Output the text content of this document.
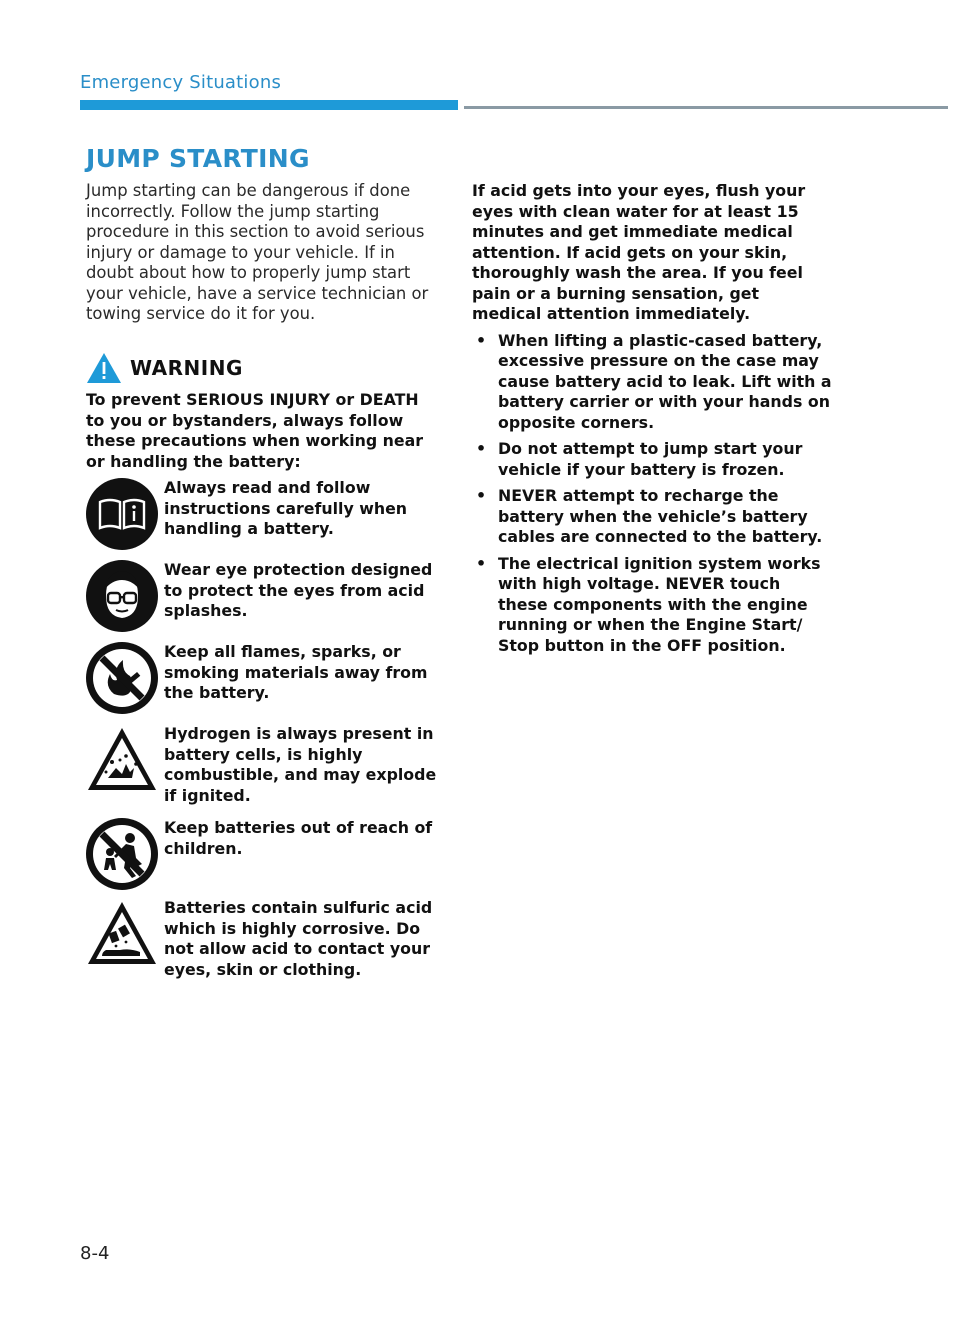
Emergency Situations
JUMP STARTING
Jump starting can be dangerous if done incorrectly. Follow the jump starting procedure in this section to avoid serious injury or damage to your vehicle. If in doubt about how to properly jump start your vehicle, have a service technician or towing service do it for you.
WARNING
To prevent SERIOUS INJURY or DEATH to you or bystanders, always follow these precautions when working near or handling the battery:
Always read and follow instructions carefully when handling a battery.
Wear eye protection designed to protect the eyes from acid splashes.
Keep all flames, sparks, or smoking materials away from the battery.
Hydrogen is always present in battery cells, is highly combustible, and may explode if ignited.
Keep batteries out of reach of children.
Batteries contain sulfuric acid which is highly corrosive. Do not allow acid to contact your eyes, skin or clothing.

If acid gets into your eyes, flush your eyes with clean water for at least 15 minutes and get immediate medical attention. If acid gets on your skin, thoroughly wash the area. If you feel pain or a burning sensation, get medical attention immediately.

• When lifting a plastic-cased battery, excessive pressure on the case may cause battery acid to leak. Lift with a battery carrier or with your hands on opposite corners.
• Do not attempt to jump start your vehicle if your battery is frozen.
• NEVER attempt to recharge the battery when the vehicle’s battery cables are connected to the battery.
• The electrical ignition system works with high voltage. NEVER touch these components with the engine running or when the Engine Start/ Stop button in the OFF position.
8-4
